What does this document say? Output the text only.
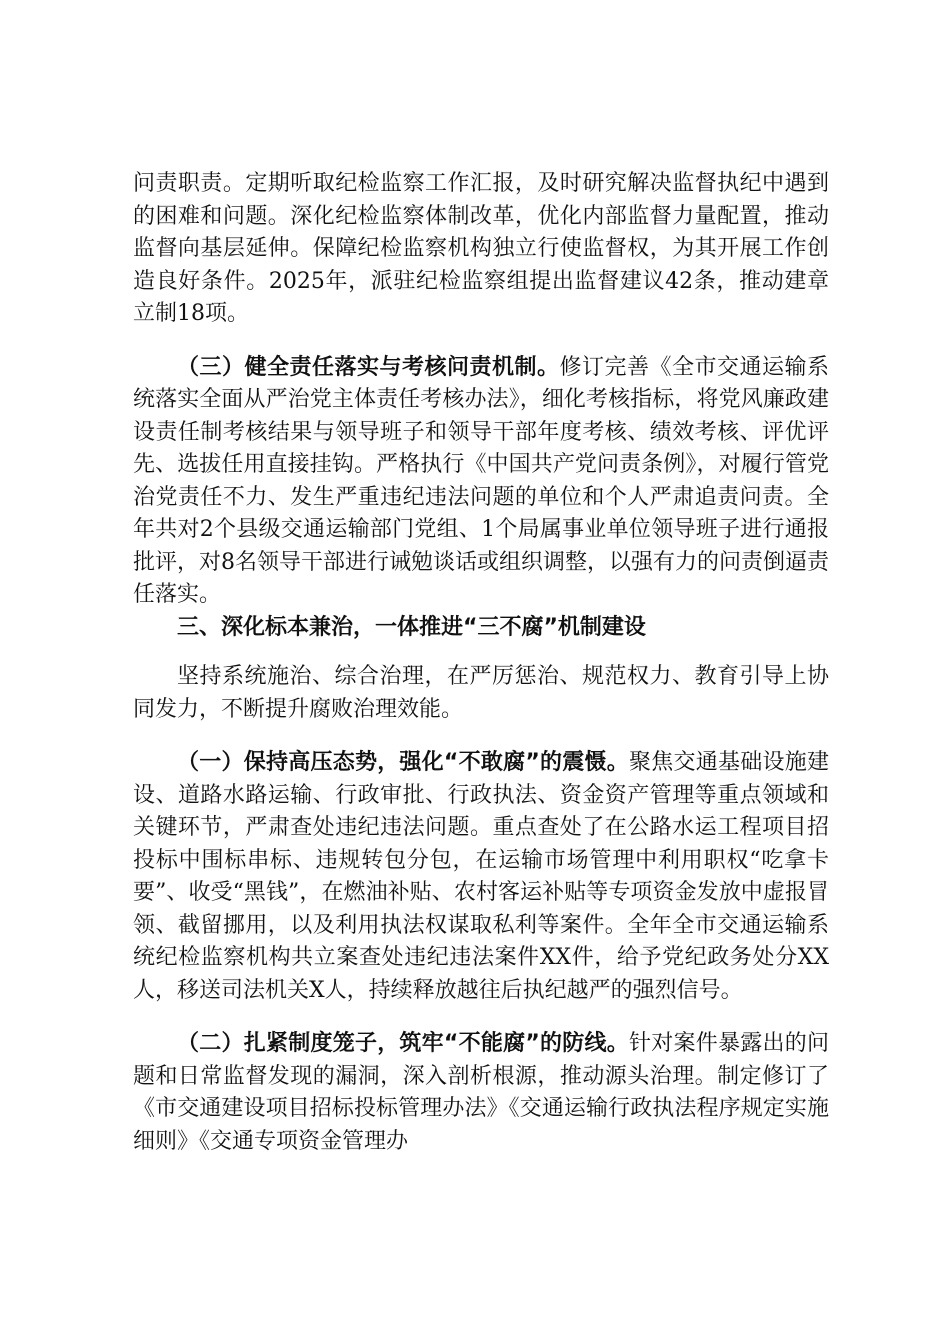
问责职责。定期听取纪检监察工作汇报，及时研究解决监督执纪中遇到的困难和问题。深化纪检监察体制改革，优化内部监督力量配置，推动监督向基层延伸。保障纪检监察机构独立行使监督权，为其开展工作创造良好条件。2025年，派驻纪检监察组提出监督建议42条，推动建章立制18项。

（三）健全责任落实与考核问责机制。修订完善《全市交通运输系统落实全面从严治党主体责任考核办法》，细化考核指标，将党风廉政建设责任制考核结果与领导班子和领导干部年度考核、绩效考核、评优评先、选拔任用直接挂钩。严格执行《中国共产党问责条例》，对履行管党治党责任不力、发生严重违纪违法问题的单位和个人严肃追责问责。全年共对2个县级交通运输部门党组、1个局属事业单位领导班子进行通报批评，对8名领导干部进行诫勉谈话或组织调整，以强有力的问责倒逼责任落实。

三、深化标本兼治，一体推进“三不腐”机制建设

坚持系统施治、综合治理，在严厉惩治、规范权力、教育引导上协同发力，不断提升腐败治理效能。

（一）保持高压态势，强化“不敢腐”的震慑。聚焦交通基础设施建设、道路水路运输、行政审批、行政执法、资金资产管理等重点领域和关键环节，严肃查处违纪违法问题。重点查处了在公路水运工程项目招投标中围标串标、违规转包分包，在运输市场管理中利用职权“吃拿卡要”、收受“黑钱”，在燃油补贴、农村客运补贴等专项资金发放中虚报冒领、截留挪用，以及利用执法权谋取私利等案件。全年全市交通运输系统纪检监察机构共立案查处违纪违法案件XX件，给予党纪政务处分XX人，移送司法机关X人，持续释放越往后执纪越严的强烈信号。

（二）扎紧制度笼子，筑牢“不能腐”的防线。针对案件暴露出的问题和日常监督发现的漏洞，深入剖析根源，推动源头治理。制定修订了《市交通建设项目招标投标管理办法》《交通运输行政执法程序规定实施细则》《交通专项资金管理办
